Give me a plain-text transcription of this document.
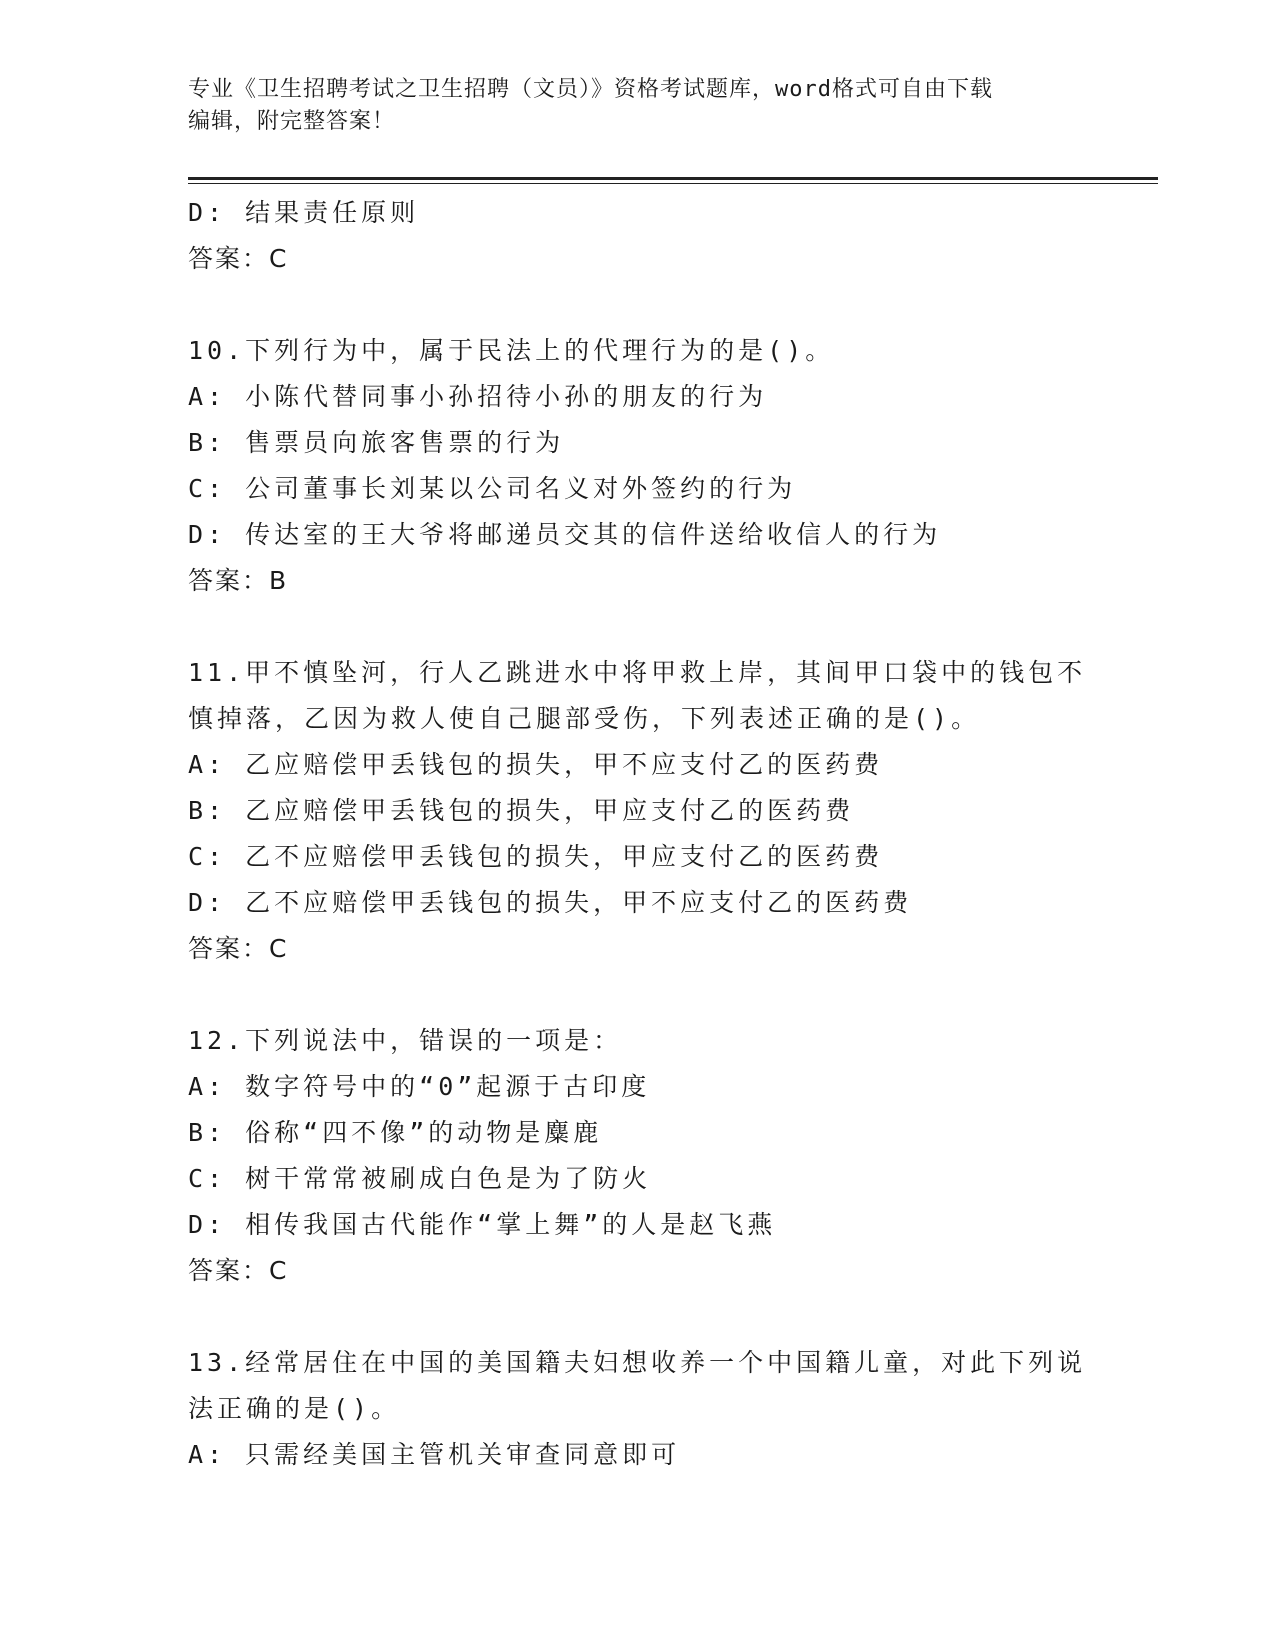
专业《卫生招聘考试之卫生招聘（文员）》资格考试题库，word格式可自由下载
编辑，附完整答案！
D: 结果责任原则
答案：C
10.下列行为中，属于民法上的代理行为的是()。
A: 小陈代替同事小孙招待小孙的朋友的行为
B: 售票员向旅客售票的行为
C: 公司董事长刘某以公司名义对外签约的行为
D: 传达室的王大爷将邮递员交其的信件送给收信人的行为
答案：B
11.甲不慎坠河，行人乙跳进水中将甲救上岸，其间甲口袋中的钱包不
慎掉落，乙因为救人使自己腿部受伤，下列表述正确的是()。
A: 乙应赔偿甲丢钱包的损失，甲不应支付乙的医药费
B: 乙应赔偿甲丢钱包的损失，甲应支付乙的医药费
C: 乙不应赔偿甲丢钱包的损失，甲应支付乙的医药费
D: 乙不应赔偿甲丢钱包的损失，甲不应支付乙的医药费
答案：C
12.下列说法中，错误的一项是：
A: 数字符号中的“0”起源于古印度
B: 俗称“四不像”的动物是麋鹿
C: 树干常常被刷成白色是为了防火
D: 相传我国古代能作“掌上舞”的人是赵飞燕
答案：C
13.经常居住在中国的美国籍夫妇想收养一个中国籍儿童，对此下列说
法正确的是()。
A: 只需经美国主管机关审查同意即可
